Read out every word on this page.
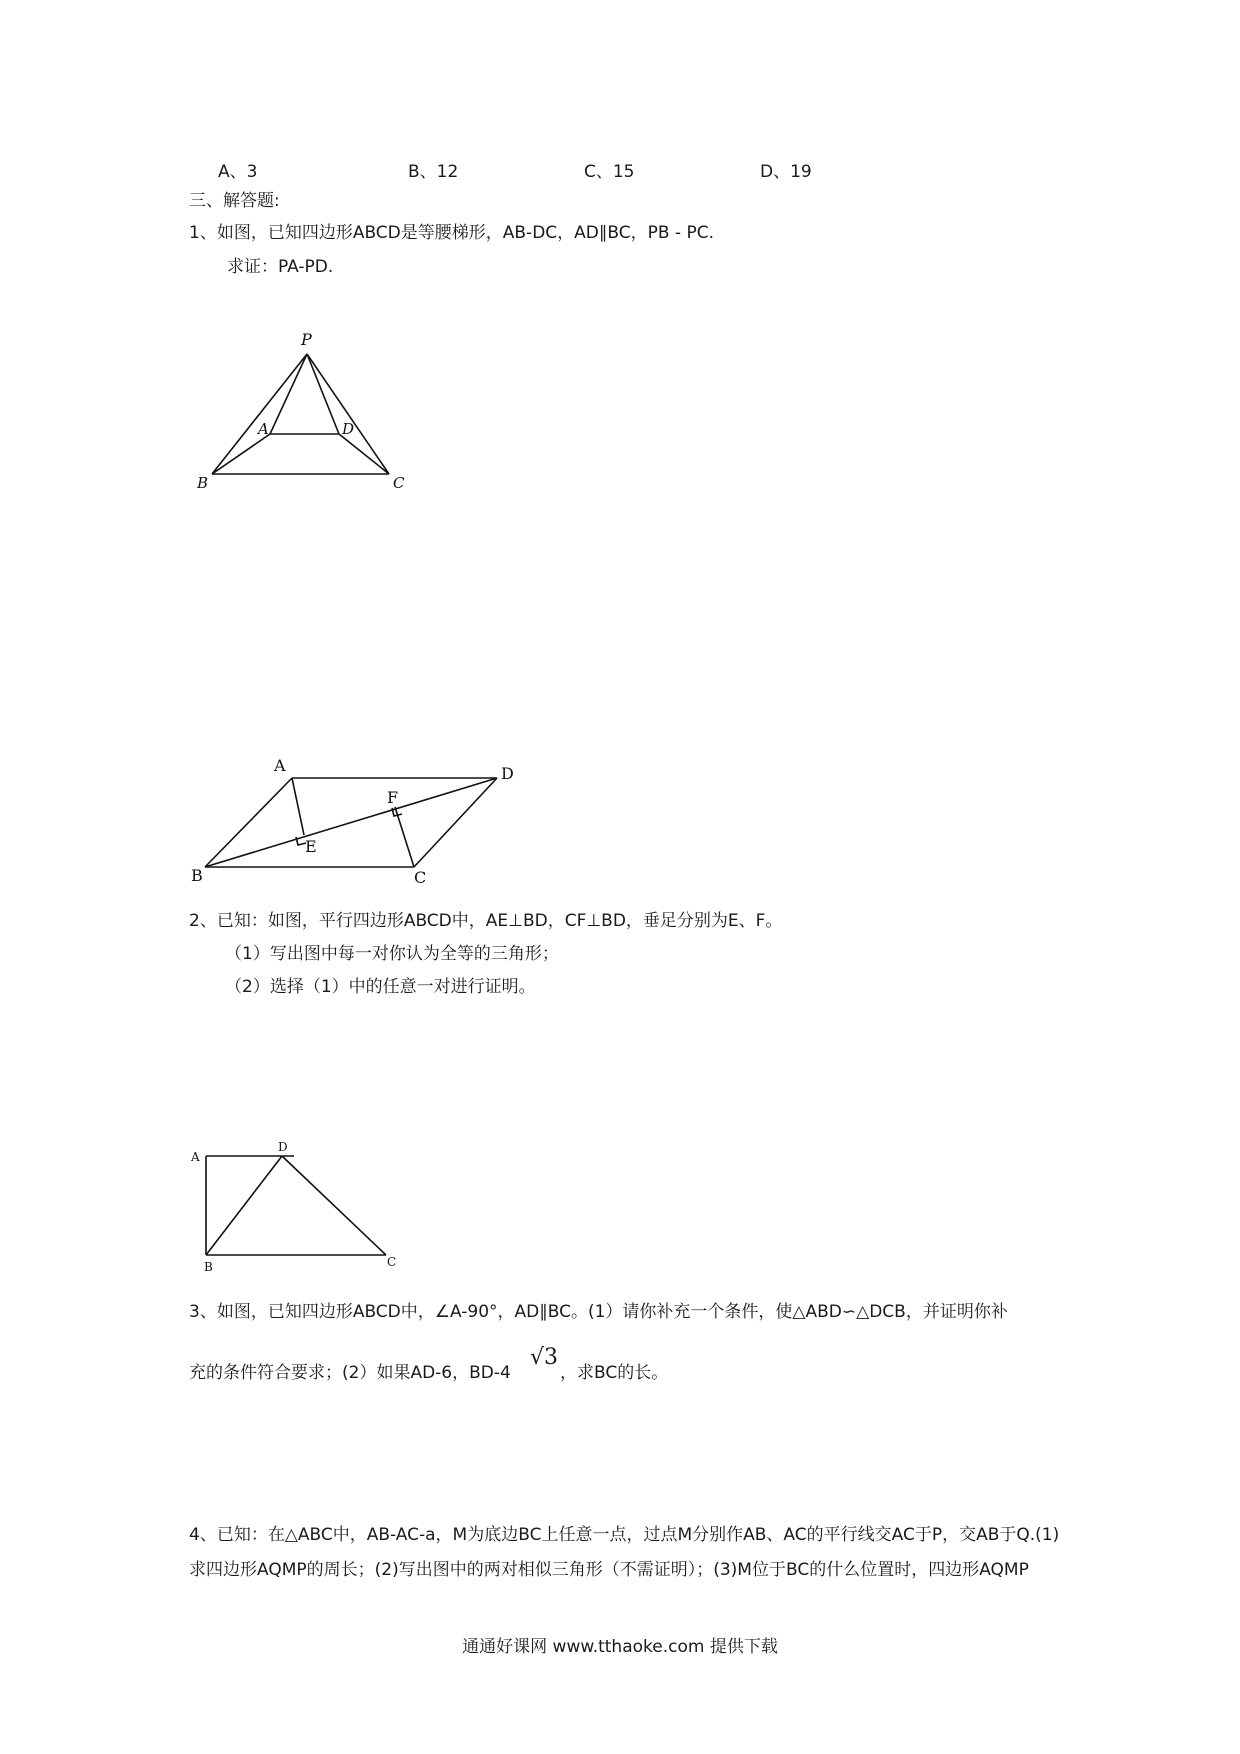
A、3	B、12	C、15	D、19
三、解答题:
1、如图，已知四边形ABCD是等腰梯形，AB-DC，AD∥BC，PB - PC.
求证：PA-PD.
P
A	D
B	C
A	D
F
E
B	C
2、已知：如图，平行四边形ABCD中，AE⊥BD，CF⊥BD，垂足分别为E、F。
（1）写出图中每一对你认为全等的三角形；
（2）选择（1）中的任意一对进行证明。
A
D
B	C
3、如图，已知四边形ABCD中，∠A-90°，AD∥BC。(1）请你补充一个条件，使△ABD∽△DCB，并证明你补
充的条件符合要求；(2）如果AD-6，BD-4
√3
，求BC的长。
4、已知：在△ABC中，AB-AC-a，M为底边BC上任意一点，过点M分别作AB、AC的平行线交AC于P，交AB于Q.(1)
求四边形AQMP的周长；(2)写出图中的两对相似三角形（不需证明）；(3)M位于BC的什么位置时，四边形AQMP
通通好课网 www.tthaoke.com 提供下载
